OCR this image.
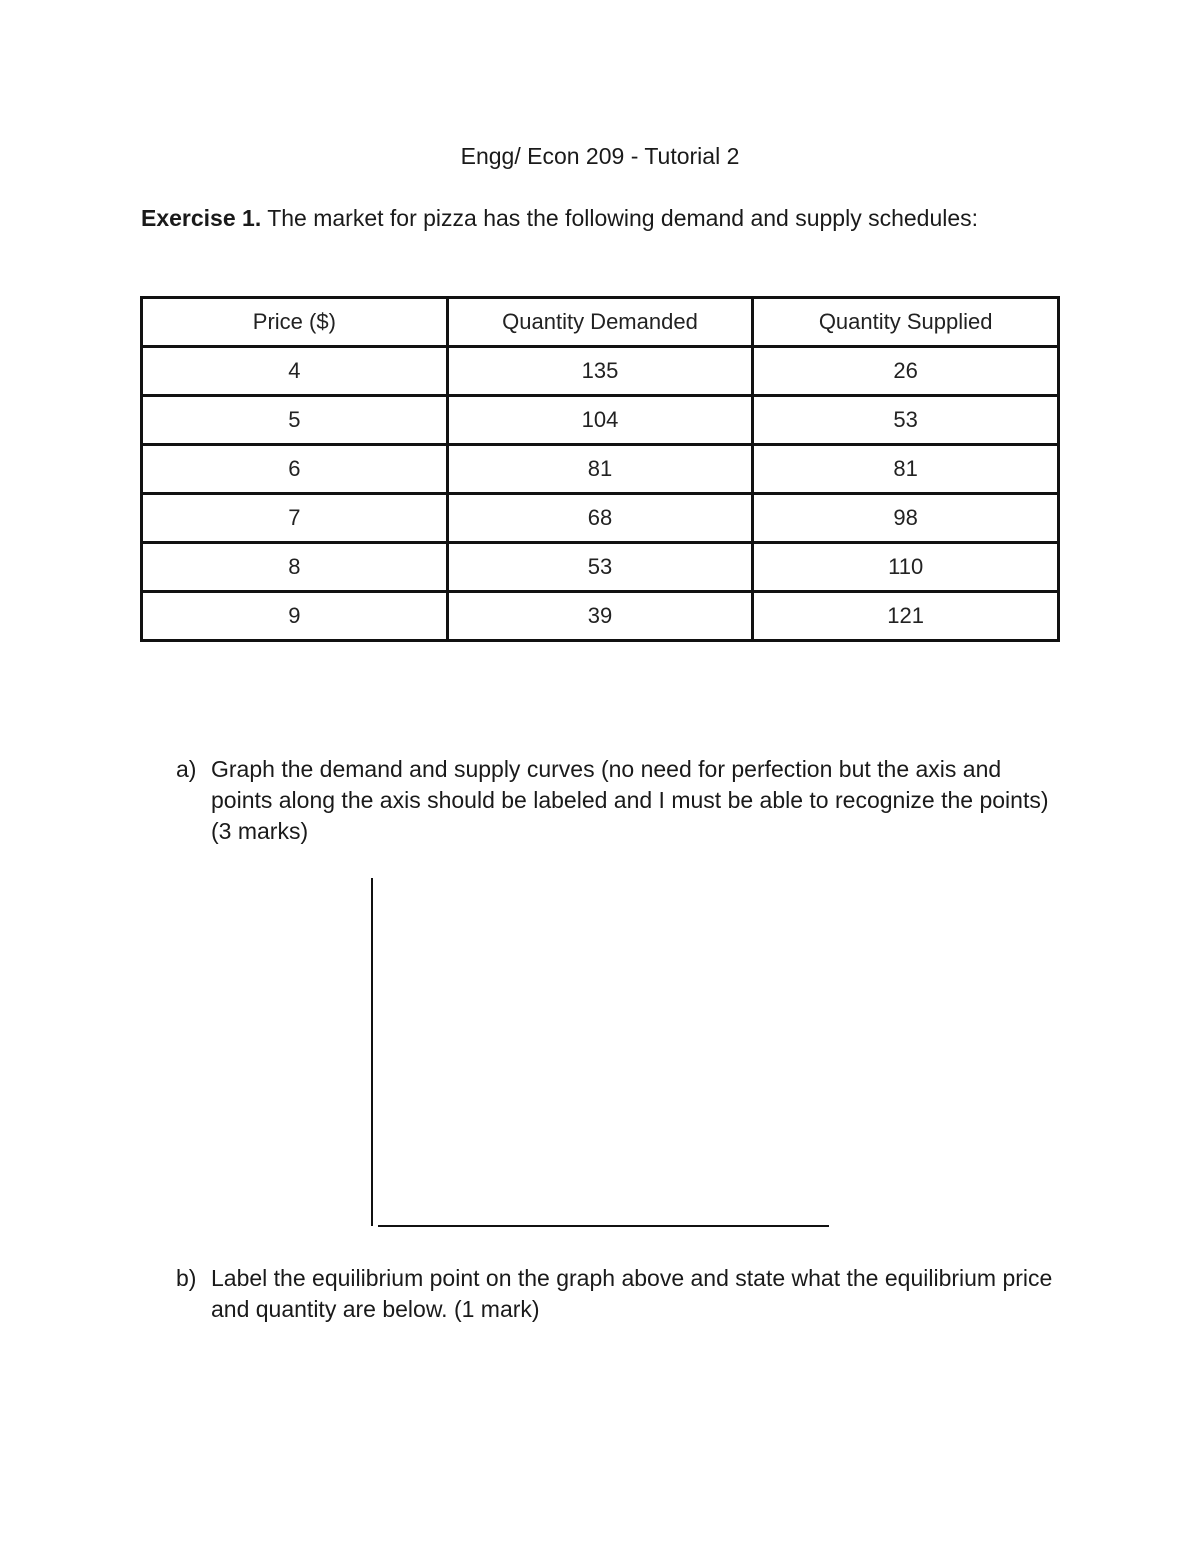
Engg/ Econ 209 - Tutorial 2
Exercise 1. The market for pizza has the following demand and supply schedules:
Price ($)	Quantity Demanded	Quantity Supplied
4	135	26
5	104	53
6	81	81
7	68	98
8	53	110
9	39	121
a) Graph the demand and supply curves (no need for perfection but the axis and points along the axis should be labeled and I must be able to recognize the points) (3 marks)
b) Label the equilibrium point on the graph above and state what the equilibrium price and quantity are below. (1 mark)
